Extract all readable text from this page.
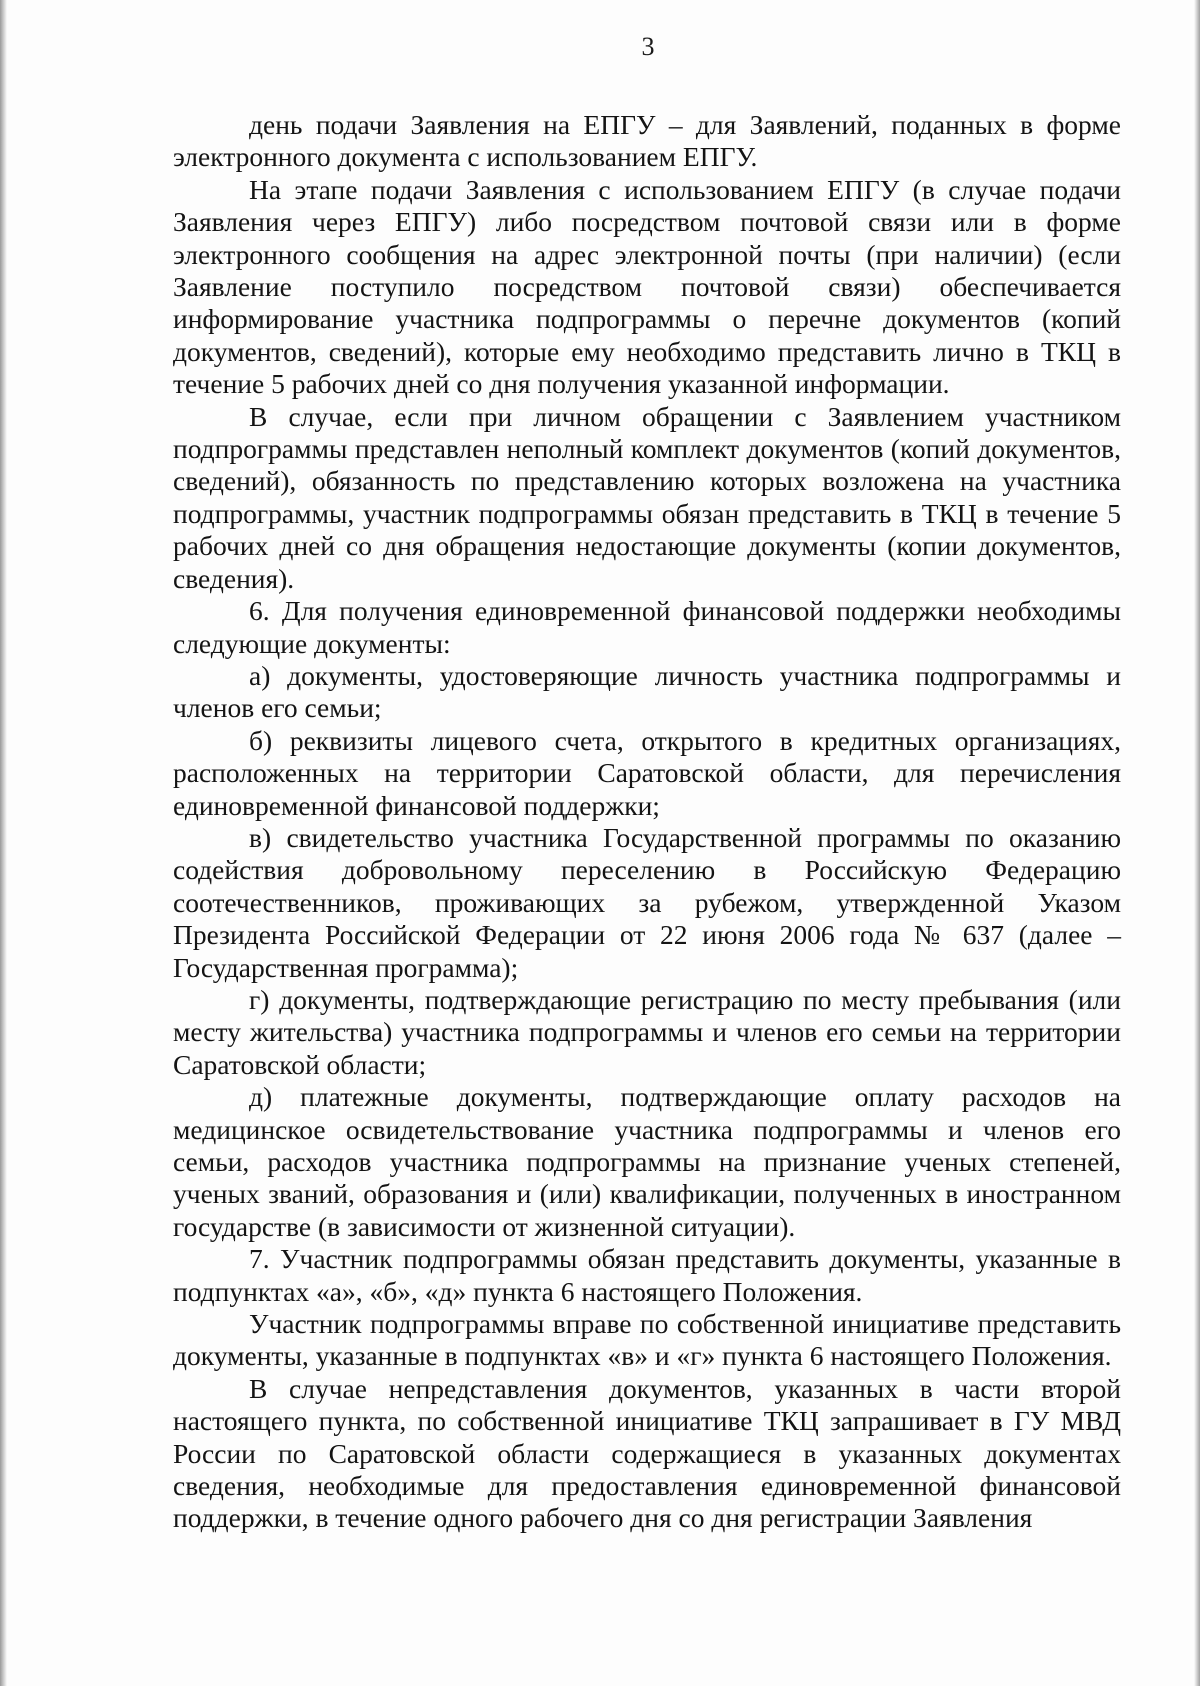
3

день подачи Заявления на ЕПГУ – для Заявлений, поданных в форме электронного документа с использованием ЕПГУ.

На этапе подачи Заявления с использованием ЕПГУ (в случае подачи Заявления через ЕПГУ) либо посредством почтовой связи или в форме электронного сообщения на адрес электронной почты (при наличии) (если Заявление поступило посредством почтовой связи) обеспечивается информирование участника подпрограммы о перечне документов (копий документов, сведений), которые ему необходимо представить лично в ТКЦ в течение 5 рабочих дней со дня получения указанной информации.

В случае, если при личном обращении с Заявлением участником подпрограммы представлен неполный комплект документов (копий документов, сведений), обязанность по представлению которых возложена на участника подпрограммы, участник подпрограммы обязан представить в ТКЦ в течение 5 рабочих дней со дня обращения недостающие документы (копии документов, сведения).

6. Для получения единовременной финансовой поддержки необходимы следующие документы:

а) документы, удостоверяющие личность участника подпрограммы и членов его семьи;

б) реквизиты лицевого счета, открытого в кредитных организациях, расположенных на территории Саратовской области, для перечисления единовременной финансовой поддержки;

в) свидетельство участника Государственной программы по оказанию содействия добровольному переселению в Российскую Федерацию соотечественников, проживающих за рубежом, утвержденной Указом Президента Российской Федерации от 22 июня 2006 года № 637 (далее – Государственная программа);

г) документы, подтверждающие регистрацию по месту пребывания (или месту жительства) участника подпрограммы и членов его семьи на территории Саратовской области;

д) платежные документы, подтверждающие оплату расходов на медицинское освидетельствование участника подпрограммы и членов его семьи, расходов участника подпрограммы на признание ученых степеней, ученых званий, образования и (или) квалификации, полученных в иностранном государстве (в зависимости от жизненной ситуации).

7. Участник подпрограммы обязан представить документы, указанные в подпунктах «а», «б», «д» пункта 6 настоящего Положения.

Участник подпрограммы вправе по собственной инициативе представить документы, указанные в подпунктах «в» и «г» пункта 6 настоящего Положения.

В случае непредставления документов, указанных в части второй настоящего пункта, по собственной инициативе ТКЦ запрашивает в ГУ МВД России по Саратовской области содержащиеся в указанных документах сведения, необходимые для предоставления единовременной финансовой поддержки, в течение одного рабочего дня со дня регистрации Заявления
